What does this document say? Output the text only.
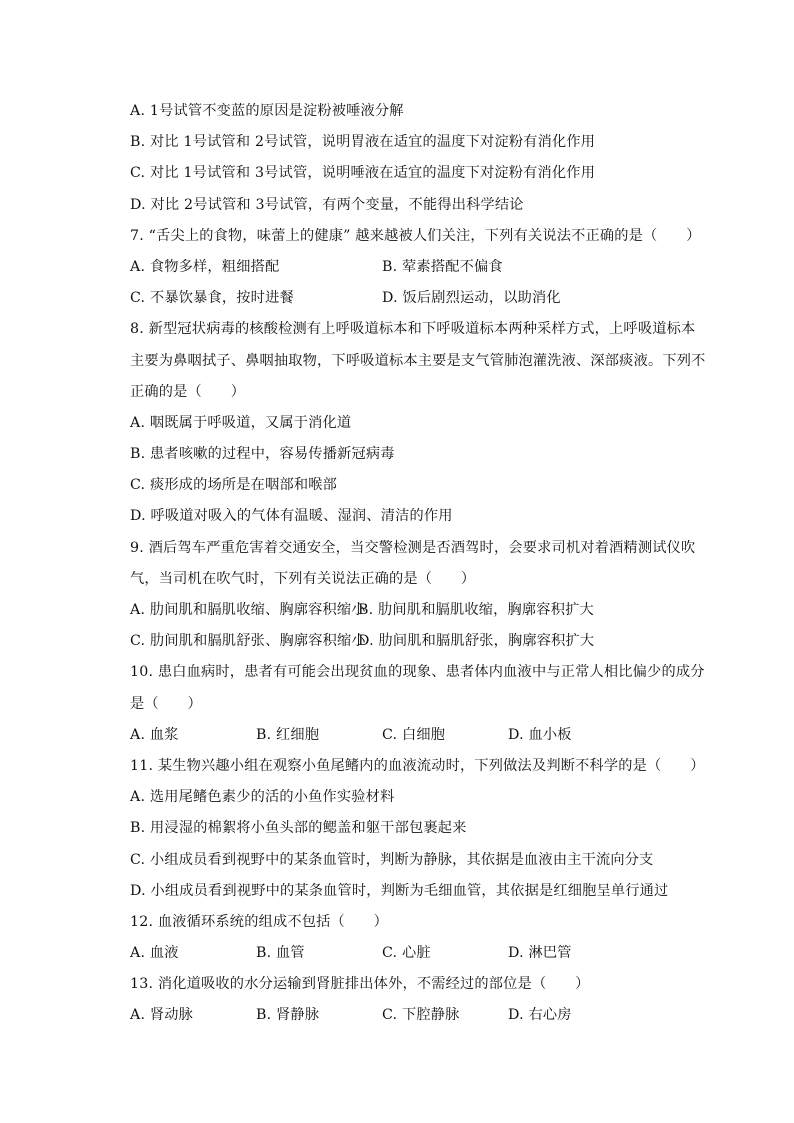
A. 1号试管不变蓝的原因是淀粉被唾液分解
B. 对比 1号试管和 2号试管，说明胃液在适宜的温度下对淀粉有消化作用
C. 对比 1号试管和 3号试管，说明唾液在适宜的温度下对淀粉有消化作用
D. 对比 2号试管和 3号试管，有两个变量，不能得出科学结论
7. “舌尖上的食物，味蕾上的健康” 越来越被人们关注，下列有关说法不正确的是（　　）
A. 食物多样，粗细搭配	B. 荤素搭配不偏食
C. 不暴饮暴食，按时进餐	D. 饭后剧烈运动，以助消化
8. 新型冠状病毒的核酸检测有上呼吸道标本和下呼吸道标本两种采样方式，上呼吸道标本
主要为鼻咽拭子、鼻咽抽取物，下呼吸道标本主要是支气管肺泡灌洗液、深部痰液。下列不
正确的是（　　）
A. 咽既属于呼吸道，又属于消化道
B. 患者咳嗽的过程中，容易传播新冠病毒
C. 痰形成的场所是在咽部和喉部
D. 呼吸道对吸入的气体有温暖、湿润、清洁的作用
9. 酒后驾车严重危害着交通安全，当交警检测是否酒驾时，会要求司机对着酒精测试仪吹
气，当司机在吹气时，下列有关说法正确的是（　　）
A. 肋间肌和膈肌收缩、胸廓容积缩小
B. 肋间肌和膈肌收缩，胸廓容积扩大
C. 肋间肌和膈肌舒张、胸廓容积缩小
D. 肋间肌和膈肌舒张，胸廓容积扩大
10. 患白血病时，患者有可能会出现贫血的现象、患者体内血液中与正常人相比偏少的成分
是（　　）
A. 血浆	B. 红细胞	C. 白细胞	D. 血小板
11. 某生物兴趣小组在观察小鱼尾鳍内的血液流动时，下列做法及判断不科学的是（　　）
A. 选用尾鳍色素少的活的小鱼作实验材料
B. 用浸湿的棉絮将小鱼头部的鳃盖和躯干部包裹起来
C. 小组成员看到视野中的某条血管时，判断为静脉，其依据是血液由主干流向分支
D. 小组成员看到视野中的某条血管时，判断为毛细血管，其依据是红细胞呈单行通过
12. 血液循环系统的组成不包括（　　）
A. 血液	B. 血管	C. 心脏	D. 淋巴管
13. 消化道吸收的水分运输到肾脏排出体外，不需经过的部位是（　　）
A. 肾动脉	B. 肾静脉	C. 下腔静脉	D. 右心房
